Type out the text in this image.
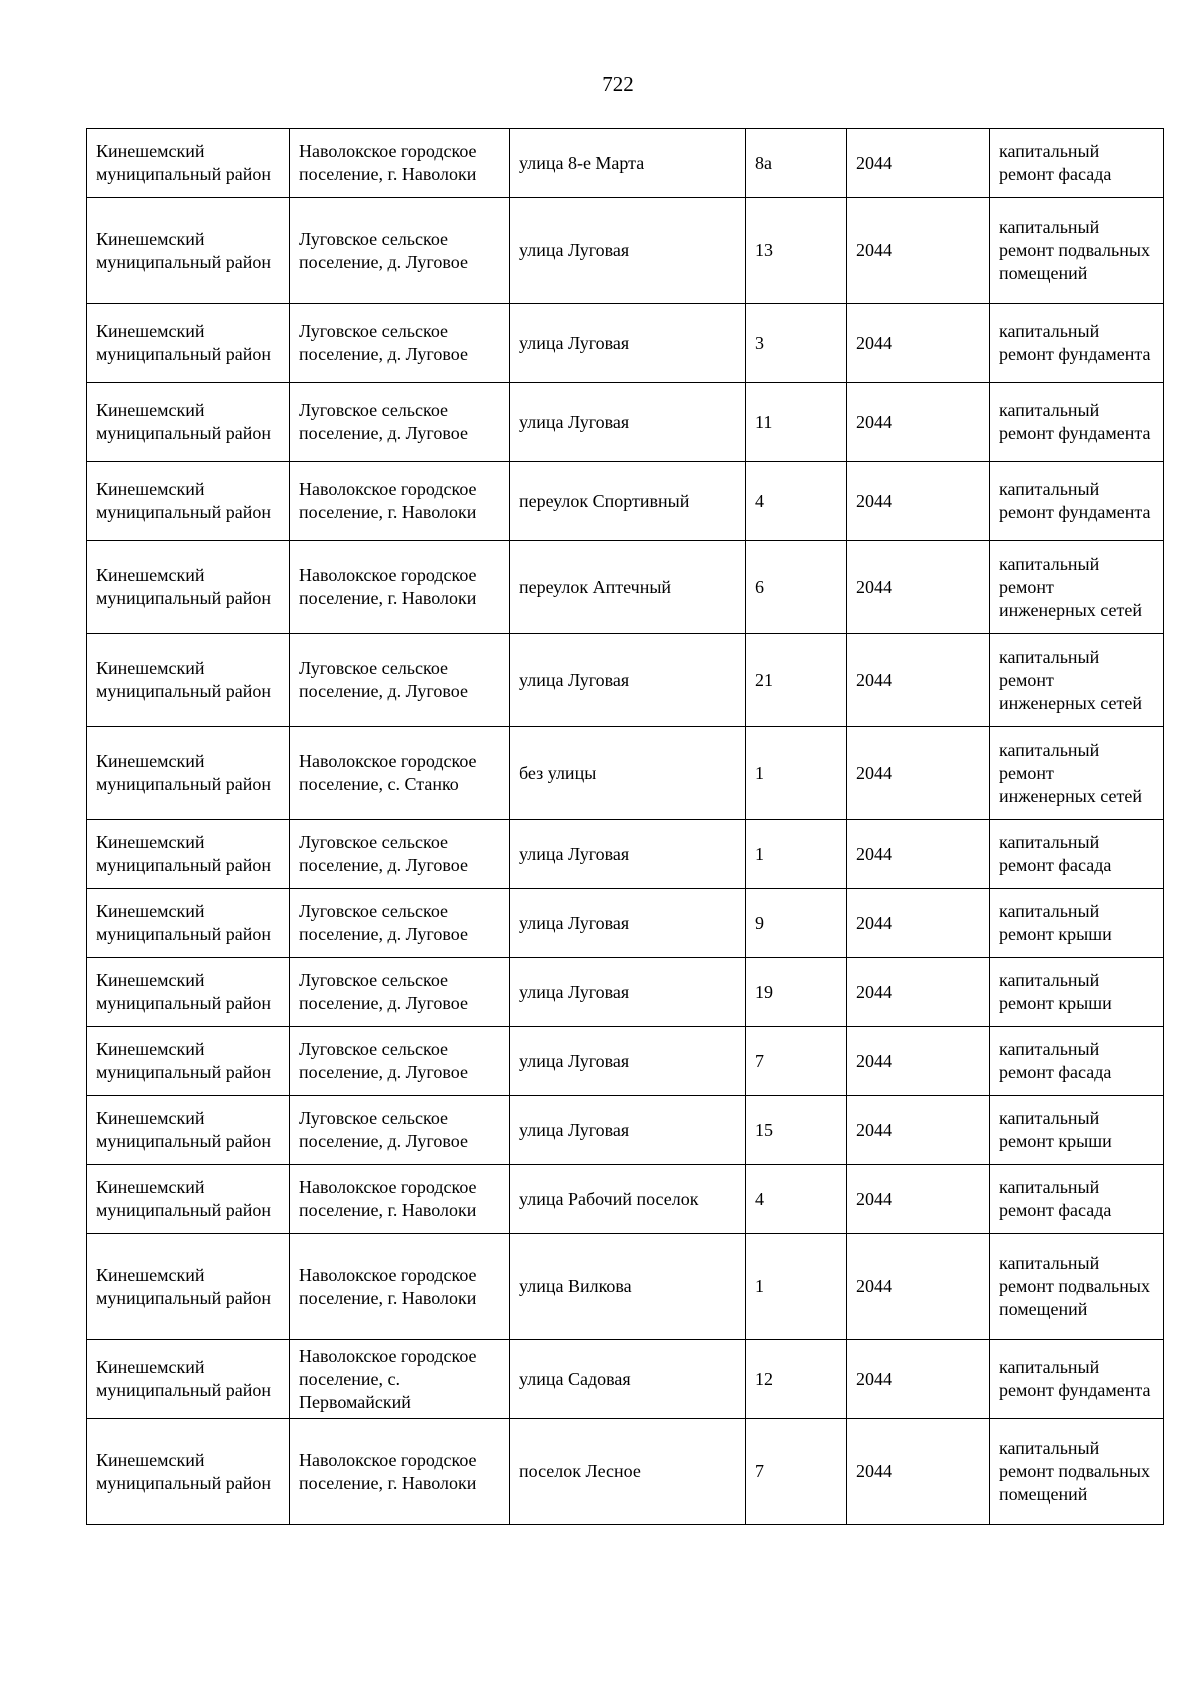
722
Кинешемский муниципальный район	Наволокское городское поселение, г. Наволоки	улица 8-е Марта	8а	2044	капитальный ремонт фасада
Кинешемский муниципальный район	Луговское сельское поселение, д. Луговое	улица Луговая	13	2044	капитальный ремонт подвальных помещений
Кинешемский муниципальный район	Луговское сельское поселение, д. Луговое	улица Луговая	3	2044	капитальный ремонт фундамента
Кинешемский муниципальный район	Луговское сельское поселение, д. Луговое	улица Луговая	11	2044	капитальный ремонт фундамента
Кинешемский муниципальный район	Наволокское городское поселение, г. Наволоки	переулок Спортивный	4	2044	капитальный ремонт фундамента
Кинешемский муниципальный район	Наволокское городское поселение, г. Наволоки	переулок Аптечный	6	2044	капитальный ремонт инженерных сетей
Кинешемский муниципальный район	Луговское сельское поселение, д. Луговое	улица Луговая	21	2044	капитальный ремонт инженерных сетей
Кинешемский муниципальный район	Наволокское городское поселение, с. Станко	без улицы	1	2044	капитальный ремонт инженерных сетей
Кинешемский муниципальный район	Луговское сельское поселение, д. Луговое	улица Луговая	1	2044	капитальный ремонт фасада
Кинешемский муниципальный район	Луговское сельское поселение, д. Луговое	улица Луговая	9	2044	капитальный ремонт крыши
Кинешемский муниципальный район	Луговское сельское поселение, д. Луговое	улица Луговая	19	2044	капитальный ремонт крыши
Кинешемский муниципальный район	Луговское сельское поселение, д. Луговое	улица Луговая	7	2044	капитальный ремонт фасада
Кинешемский муниципальный район	Луговское сельское поселение, д. Луговое	улица Луговая	15	2044	капитальный ремонт крыши
Кинешемский муниципальный район	Наволокское городское поселение, г. Наволоки	улица Рабочий поселок	4	2044	капитальный ремонт фасада
Кинешемский муниципальный район	Наволокское городское поселение, г. Наволоки	улица Вилкова	1	2044	капитальный ремонт подвальных помещений
Кинешемский муниципальный район	Наволокское городское поселение, с. Первомайский	улица Садовая	12	2044	капитальный ремонт фундамента
Кинешемский муниципальный район	Наволокское городское поселение, г. Наволоки	поселок Лесное	7	2044	капитальный ремонт подвальных помещений
